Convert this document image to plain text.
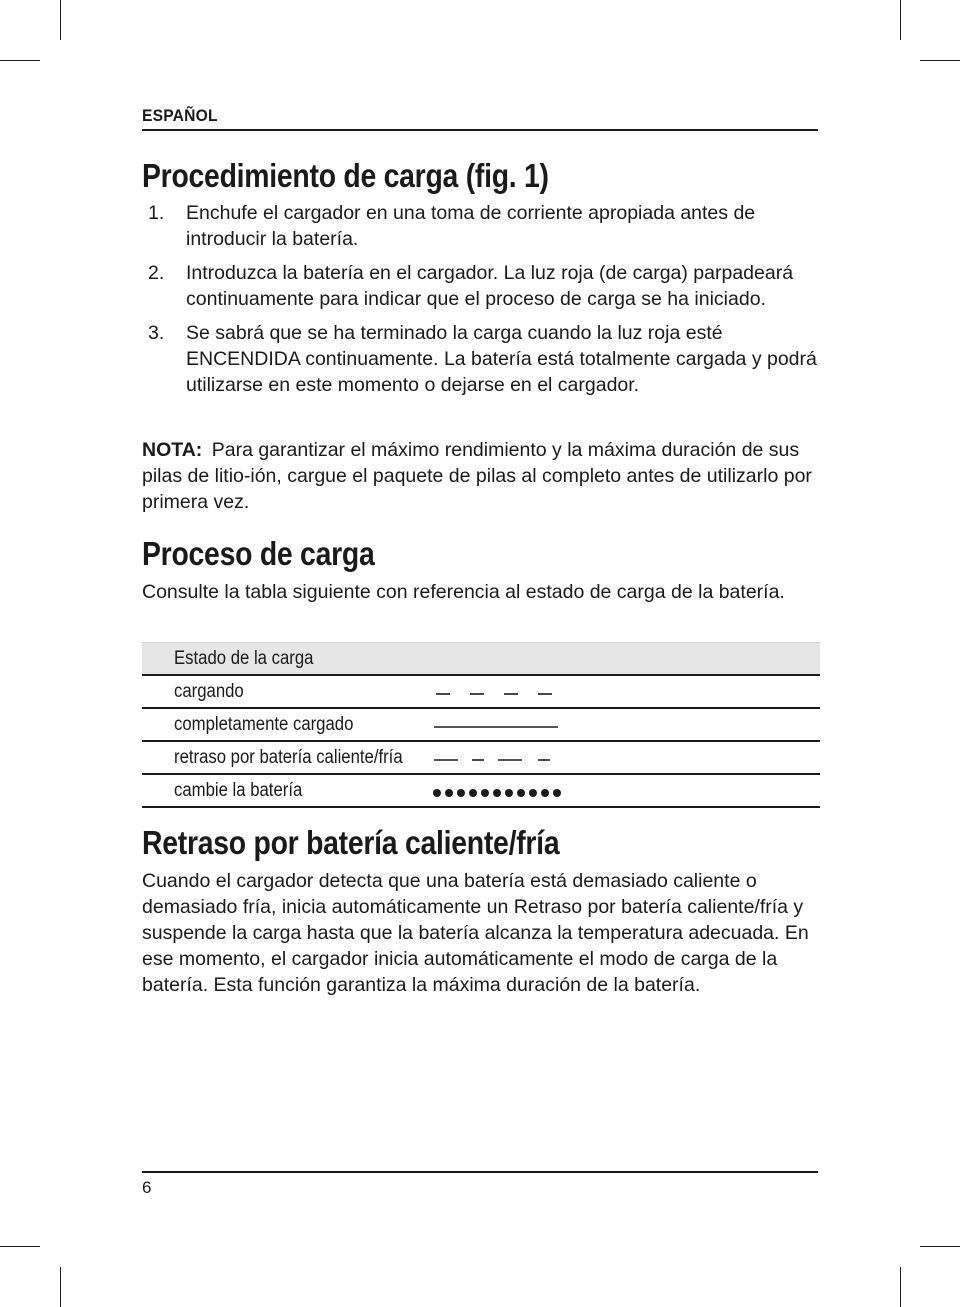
ESPAÑOL
Procedimiento de carga (fig. 1)
1. Enchufe el cargador en una toma de corriente apropiada antes de introducir la batería.
2. Introduzca la batería en el cargador. La luz roja (de carga) parpadeará continuamente para indicar que el proceso de carga se ha iniciado.
3. Se sabrá que se ha terminado la carga cuando la luz roja esté ENCENDIDA continuamente. La batería está totalmente cargada y podrá utilizarse en este momento o dejarse en el cargador.
NOTA: Para garantizar el máximo rendimiento y la máxima duración de sus pilas de litio-ión, cargue el paquete de pilas al completo antes de utilizarlo por primera vez.
Proceso de carga
Consulte la tabla siguiente con referencia al estado de carga de la batería.
Estado de la carga
cargando
completamente cargado
retraso por batería caliente/fría
cambie la batería
Retraso por batería caliente/fría
Cuando el cargador detecta que una batería está demasiado caliente o demasiado fría, inicia automáticamente un Retraso por batería caliente/fría y suspende la carga hasta que la batería alcanza la temperatura adecuada. En ese momento, el cargador inicia automáticamente el modo de carga de la batería. Esta función garantiza la máxima duración de la batería.
6
